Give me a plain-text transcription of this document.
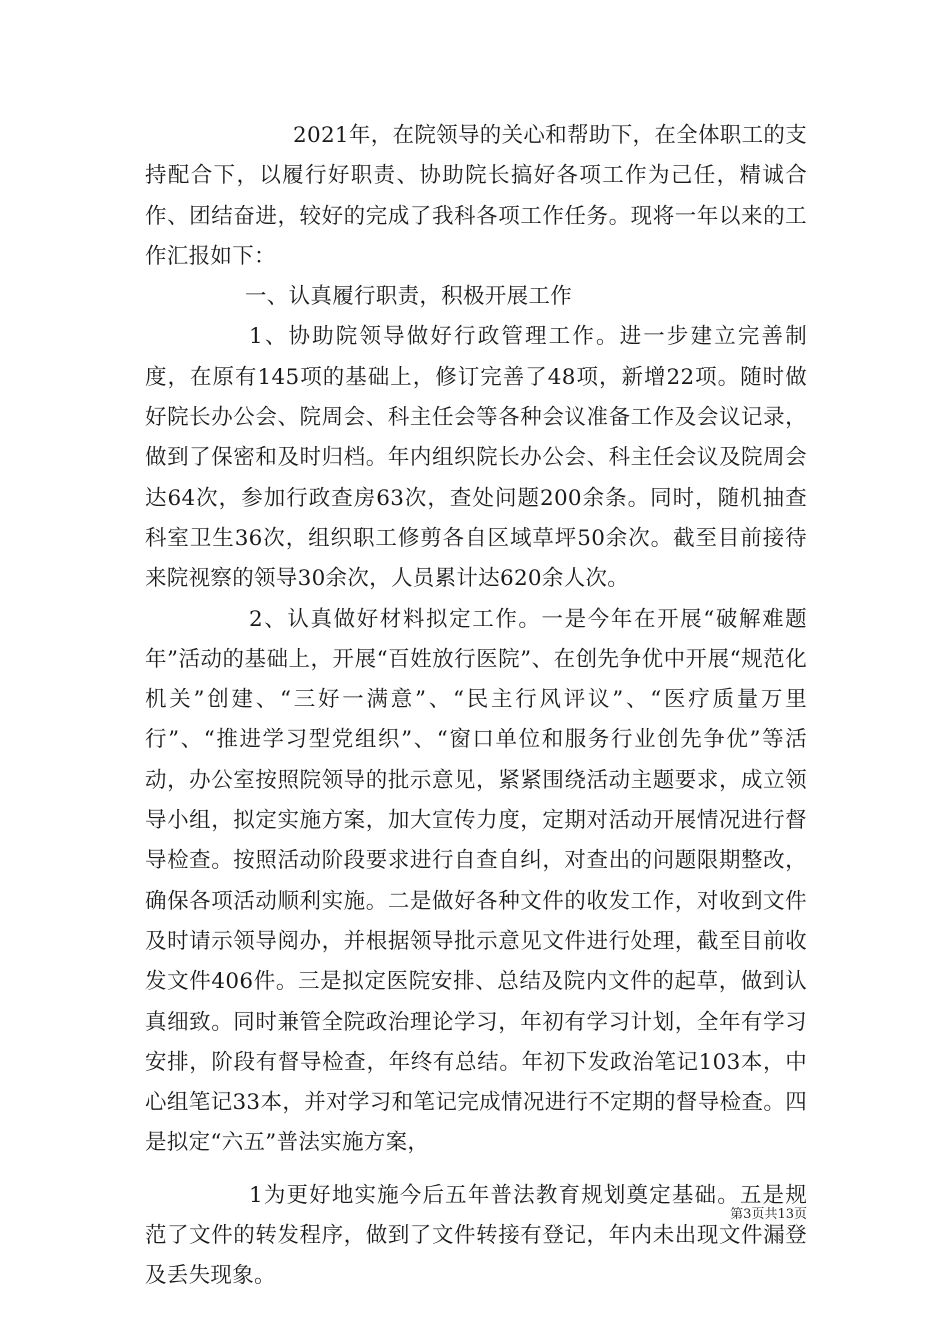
2021年，在院领导的关心和帮助下，在全体职工的支持配合下，以履行好职责、协助院长搞好各项工作为己任，精诚合作、团结奋进，较好的完成了我科各项工作任务。现将一年以来的工作汇报如下：

一、认真履行职责，积极开展工作

1、协助院领导做好行政管理工作。进一步建立完善制度，在原有145项的基础上，修订完善了48项，新增22项。随时做好院长办公会、院周会、科主任会等各种会议准备工作及会议记录，做到了保密和及时归档。年内组织院长办公会、科主任会议及院周会达64次，参加行政查房63次，查处问题200余条。同时，随机抽查科室卫生36次，组织职工修剪各自区域草坪50余次。截至目前接待来院视察的领导30余次，人员累计达620余人次。

2、认真做好材料拟定工作。一是今年在开展“破解难题年”活动的基础上，开展“百姓放行医院”、在创先争优中开展“规范化机关”创建、“三好一满意”、“民主行风评议”、“医疗质量万里行”、“推进学习型党组织”、“窗口单位和服务行业创先争优”等活动，办公室按照院领导的批示意见，紧紧围绕活动主题要求，成立领导小组，拟定实施方案，加大宣传力度，定期对活动开展情况进行督导检查。按照活动阶段要求进行自查自纠，对查出的问题限期整改，确保各项活动顺利实施。二是做好各种文件的收发工作，对收到文件及时请示领导阅办，并根据领导批示意见文件进行处理，截至目前收发文件406件。三是拟定医院安排、总结及院内文件的起草，做到认真细致。同时兼管全院政治理论学习，年初有学习计划，全年有学习安排，阶段有督导检查，年终有总结。年初下发政治笔记103本，中心组笔记33本，并对学习和笔记完成情况进行不定期的督导检查。四是拟定“六五”普法实施方案，

1为更好地实施今后五年普法教育规划奠定基础。五是规范了文件的转发程序，做到了文件转接有登记，年内未出现文件漏登及丢失现象。

第3页共13页
